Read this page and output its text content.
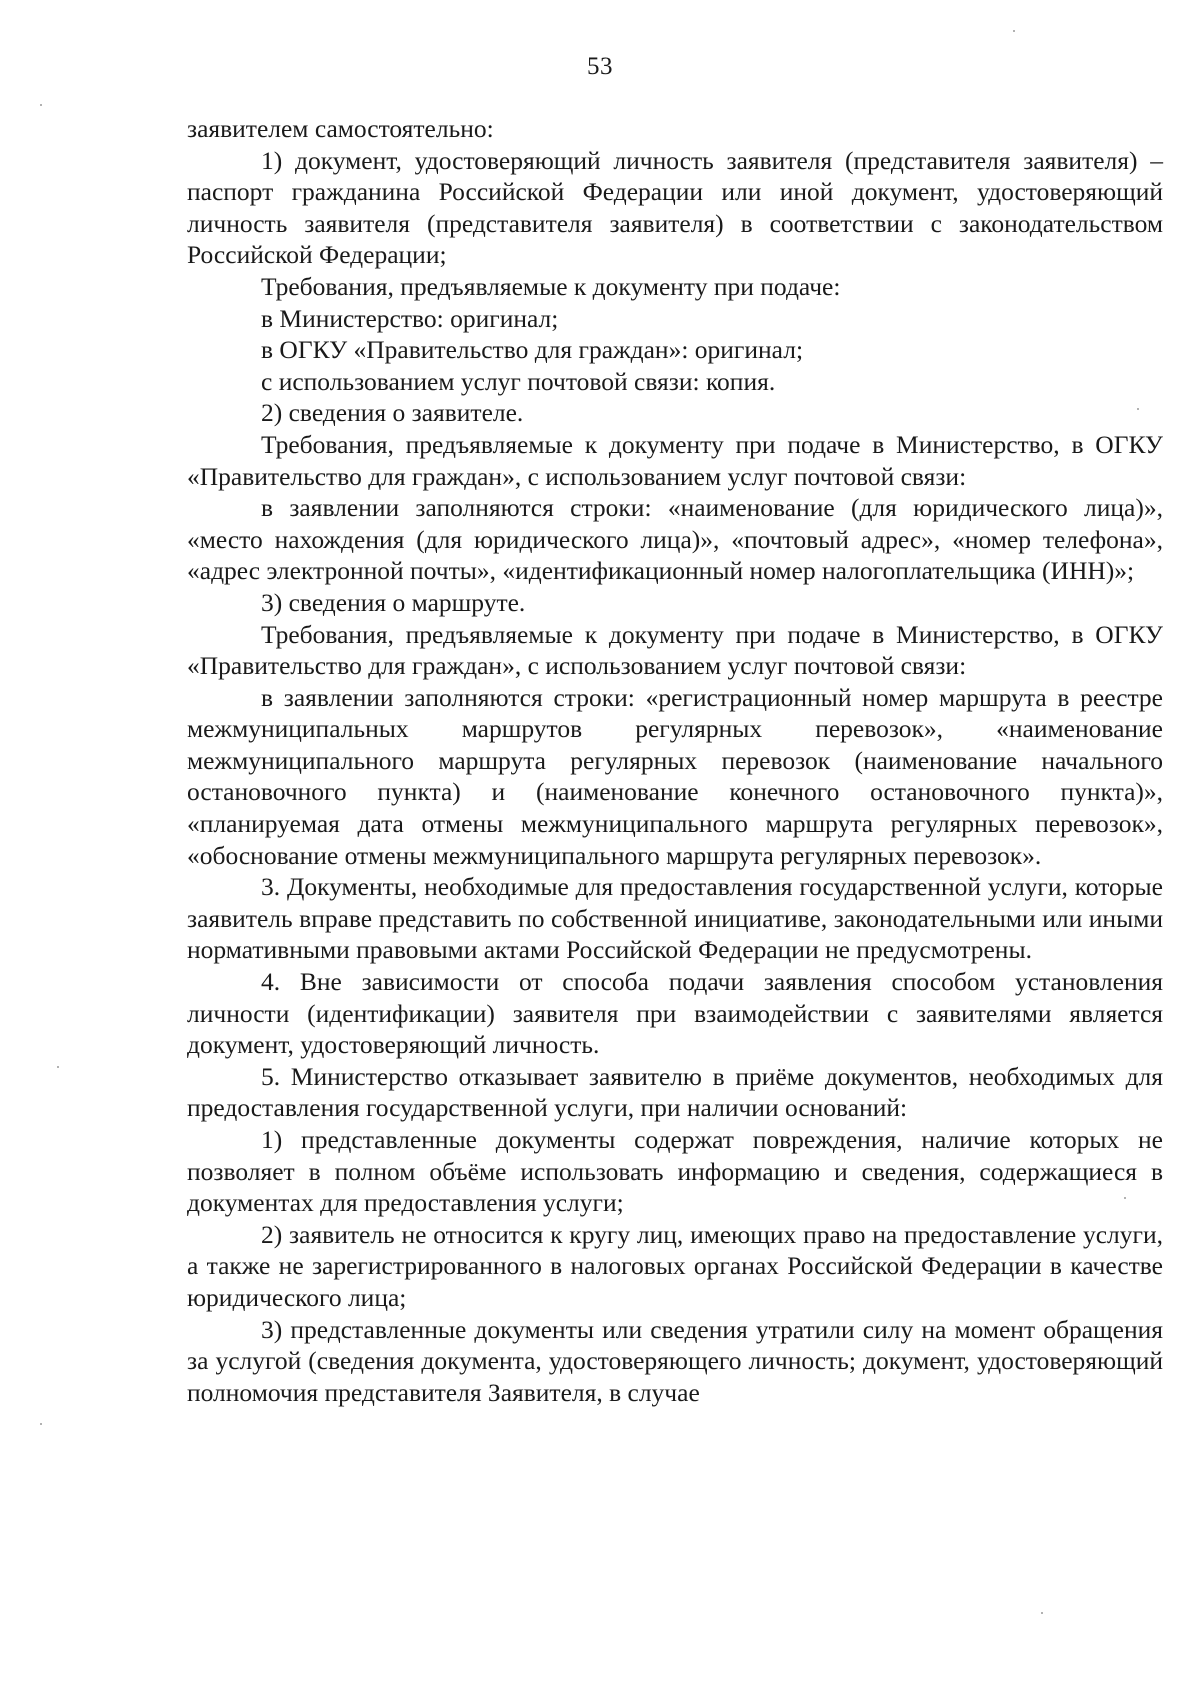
53

заявителем самостоятельно:

1) документ, удостоверяющий личность заявителя (представителя заявителя) – паспорт гражданина Российской Федерации или иной документ, удостоверяющий личность заявителя (представителя заявителя) в соответствии с законодательством Российской Федерации;

Требования, предъявляемые к документу при подаче:

в Министерство: оригинал;

в ОГКУ «Правительство для граждан»: оригинал;

с использованием услуг почтовой связи: копия.

2) сведения о заявителе.

Требования, предъявляемые к документу при подаче в Министерство, в ОГКУ «Правительство для граждан», с использованием услуг почтовой связи:

в заявлении заполняются строки: «наименование (для юридического лица)», «место нахождения (для юридического лица)», «почтовый адрес», «номер телефона», «адрес электронной почты», «идентификационный номер налогоплательщика (ИНН)»;

3) сведения о маршруте.

Требования, предъявляемые к документу при подаче в Министерство, в ОГКУ «Правительство для граждан», с использованием услуг почтовой связи:

в заявлении заполняются строки: «регистрационный номер маршрута в реестре межмуниципальных маршрутов регулярных перевозок», «наименование межмуниципального маршрута регулярных перевозок (наименование начального остановочного пункта) и (наименование конечного остановочного пункта)», «планируемая дата отмены межмуниципального маршрута регулярных перевозок», «обоснование отмены межмуниципального маршрута регулярных перевозок».

3. Документы, необходимые для предоставления государственной услуги, которые заявитель вправе представить по собственной инициативе, законодательными или иными нормативными правовыми актами Российской Федерации не предусмотрены.

4. Вне зависимости от способа подачи заявления способом установления личности (идентификации) заявителя при взаимодействии с заявителями является документ, удостоверяющий личность.

5. Министерство отказывает заявителю в приёме документов, необходимых для предоставления государственной услуги, при наличии оснований:

1) представленные документы содержат повреждения, наличие которых не позволяет в полном объёме использовать информацию и сведения, содержащиеся в документах для предоставления услуги;

2) заявитель не относится к кругу лиц, имеющих право на предоставление услуги, а также не зарегистрированного в налоговых органах Российской Федерации в качестве юридического лица;

3) представленные документы или сведения утратили силу на момент обращения за услугой (сведения документа, удостоверяющего личность; документ, удостоверяющий полномочия представителя Заявителя, в случае
